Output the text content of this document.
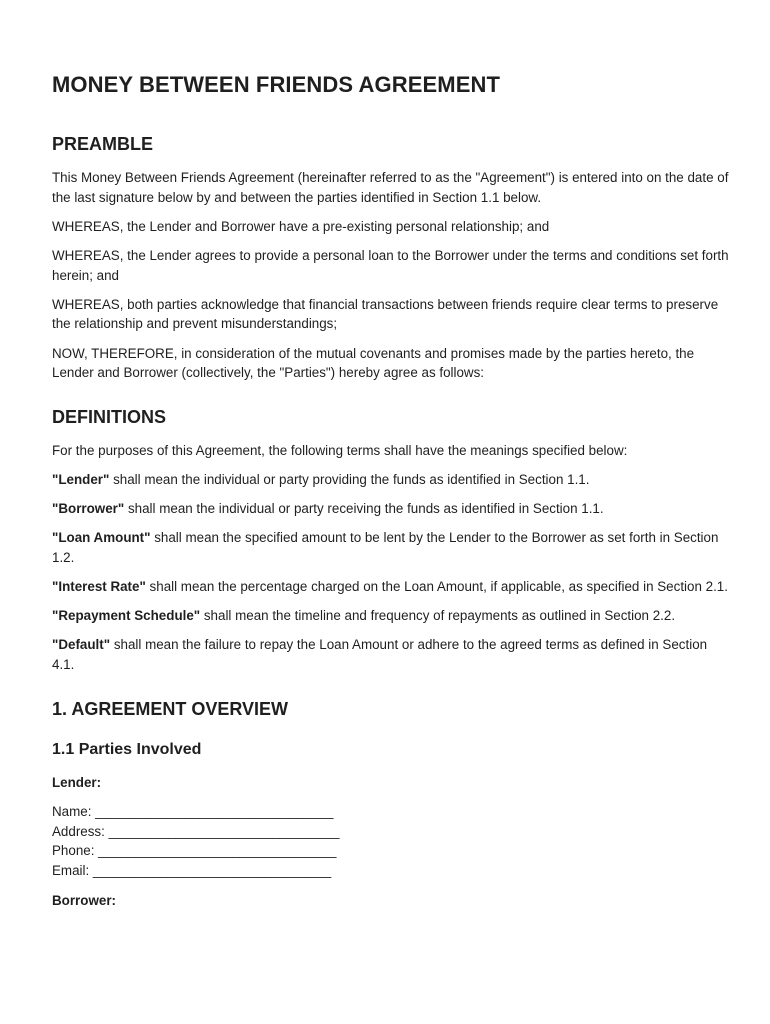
MONEY BETWEEN FRIENDS AGREEMENT
PREAMBLE

This Money Between Friends Agreement (hereinafter referred to as the "Agreement") is entered into on the date of the last signature below by and between the parties identified in Section 1.1 below.

WHEREAS, the Lender and Borrower have a pre-existing personal relationship; and

WHEREAS, the Lender agrees to provide a personal loan to the Borrower under the terms and conditions set forth herein; and

WHEREAS, both parties acknowledge that financial transactions between friends require clear terms to preserve the relationship and prevent misunderstandings;

NOW, THEREFORE, in consideration of the mutual covenants and promises made by the parties hereto, the Lender and Borrower (collectively, the "Parties") hereby agree as follows:

DEFINITIONS

For the purposes of this Agreement, the following terms shall have the meanings specified below:

"Lender" shall mean the individual or party providing the funds as identified in Section 1.1.

"Borrower" shall mean the individual or party receiving the funds as identified in Section 1.1.

"Loan Amount" shall mean the specified amount to be lent by the Lender to the Borrower as set forth in Section 1.2.

"Interest Rate" shall mean the percentage charged on the Loan Amount, if applicable, as specified in Section 2.1.

"Repayment Schedule" shall mean the timeline and frequency of repayments as outlined in Section 2.2.

"Default" shall mean the failure to repay the Loan Amount or adhere to the agreed terms as defined in Section 4.1.

1. AGREEMENT OVERVIEW
1.1 Parties Involved
Lender:
Name: ________________________________
Address: _______________________________
Phone: ________________________________
Email: ________________________________
Borrower:
